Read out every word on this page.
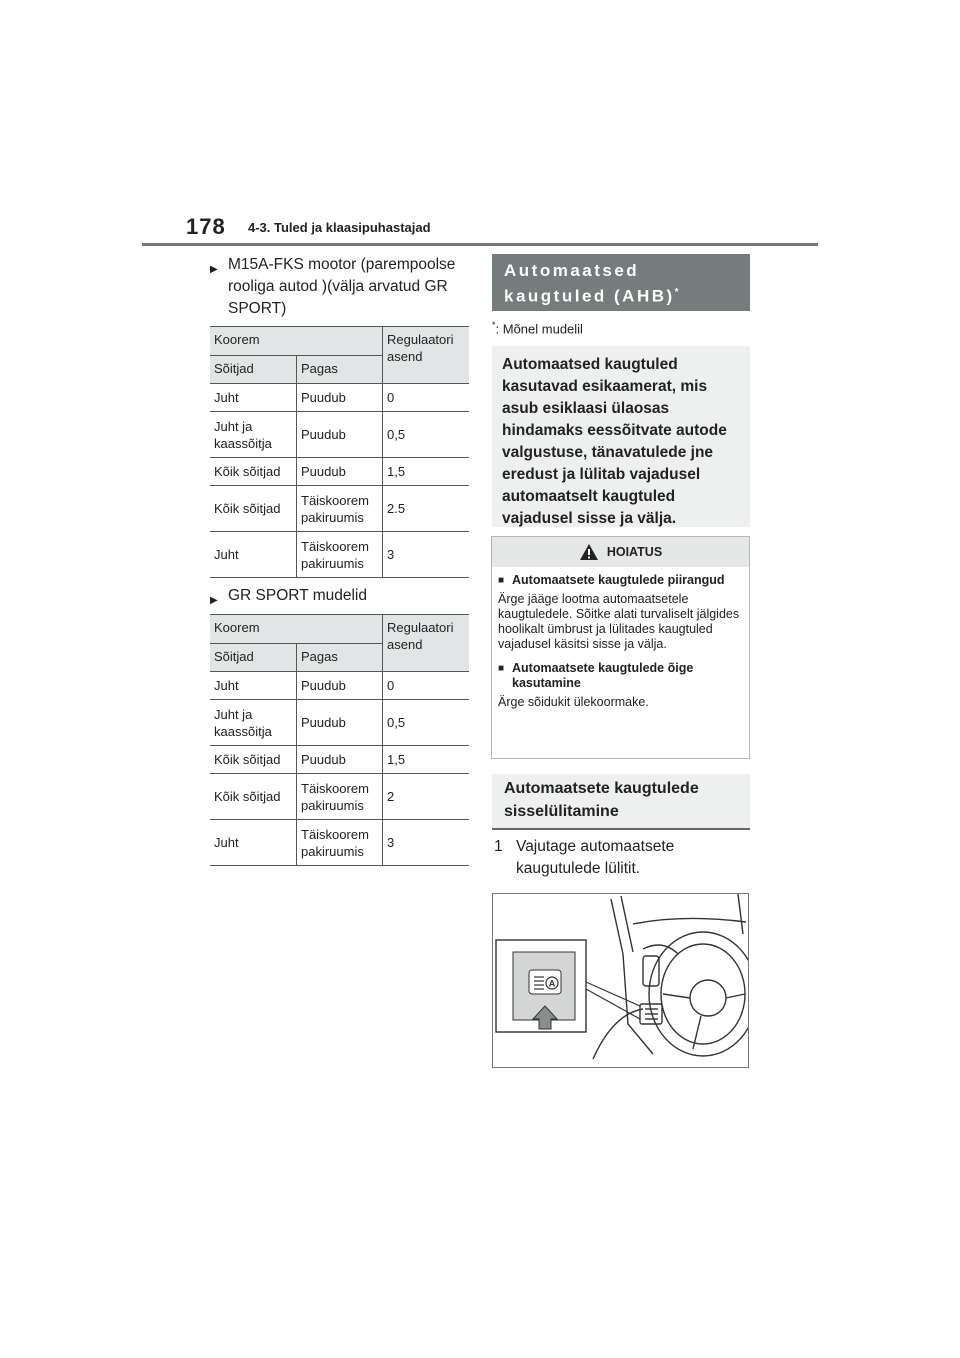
178 4-3. Tuled ja klaasipuhastajad
▶ M15A-FKS mootor (parempoolse rooliga autod )(välja arvatud GR SPORT)
Koorem		Regulaatori asend
Sõitjad	Pagas	
Juht	Puudub	0
Juht ja kaassõitja	Puudub	0,5
Kõik sõitjad	Puudub	1,5
Kõik sõitjad	Täiskoorem pakiruumis	2.5
Juht	Täiskoorem pakiruumis	3
▶ GR SPORT mudelid
Koorem		Regulaatori asend
Sõitjad	Pagas	
Juht	Puudub	0
Juht ja kaassõitja	Puudub	0,5
Kõik sõitjad	Puudub	1,5
Kõik sõitjad	Täiskoorem pakiruumis	2
Juht	Täiskoorem pakiruumis	3
Automaatsed kaugtuled (AHB)*
*: Mõnel mudelil
Automaatsed kaugtuled kasutavad esikaamerat, mis asub esiklaasi ülaosas hindamaks eessõitvate autode valgustuse, tänavatulede jne eredust ja lülitab vajadusel automaatselt kaugtuled vajadusel sisse ja välja.
HOIATUS
■ Automaatsete kaugtulede piirangud
Ärge jääge lootma automaatsetele kaugtuledele. Sõitke alati turvaliselt jälgides hoolikalt ümbrust ja lülitades kaugtuled vajadusel käsitsi sisse ja välja.
■ Automaatsete kaugtulede õige kasutamine
Ärge sõidukit ülekoormake.
Automaatsete kaugtulede sisselülitamine
1 Vajutage automaatsete kaugutulede lülitit.
A
